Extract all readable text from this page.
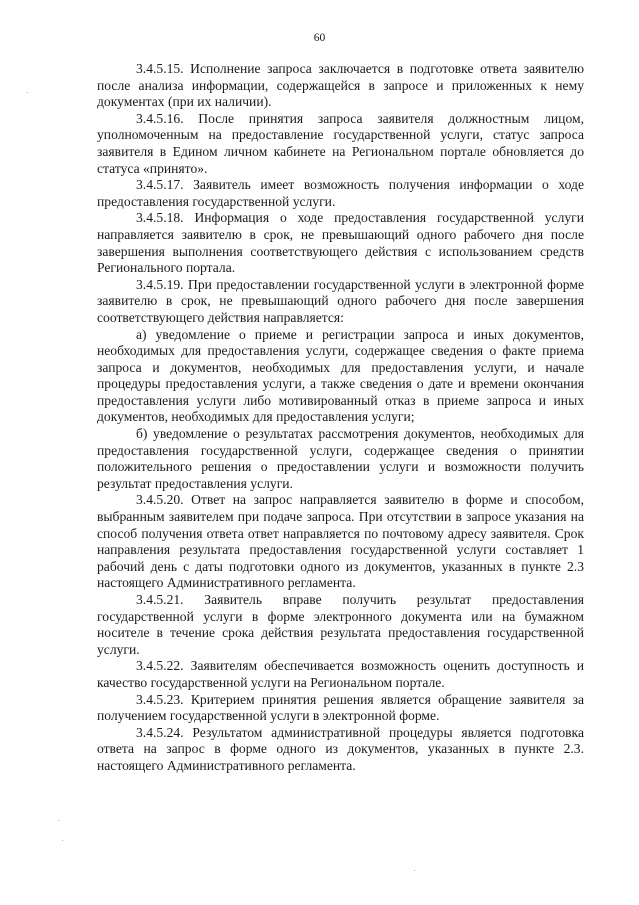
60

3.4.5.15. Исполнение запроса заключается в подготовке ответа заявителю после анализа информации, содержащейся в запросе и приложенных к нему документах (при их наличии).

3.4.5.16. После принятия запроса заявителя должностным лицом, уполномоченным на предоставление государственной услуги, статус запроса заявителя в Едином личном кабинете на Региональном портале обновляется до статуса «принято».

3.4.5.17. Заявитель имеет возможность получения информации о ходе предоставления государственной услуги.

3.4.5.18. Информация о ходе предоставления государственной услуги направляется заявителю в срок, не превышающий одного рабочего дня после завершения выполнения соответствующего действия с использованием средств Регионального портала.

3.4.5.19. При предоставлении государственной услуги в электронной форме заявителю в срок, не превышающий одного рабочего дня после завершения соответствующего действия направляется:

а) уведомление о приеме и регистрации запроса и иных документов, необходимых для предоставления услуги, содержащее сведения о факте приема запроса и документов, необходимых для предоставления услуги, и начале процедуры предоставления услуги, а также сведения о дате и времени окончания предоставления услуги либо мотивированный отказ в приеме запроса и иных документов, необходимых для предоставления услуги;

б) уведомление о результатах рассмотрения документов, необходимых для предоставления государственной услуги, содержащее сведения о принятии положительного решения о предоставлении услуги и возможности получить результат предоставления услуги.

3.4.5.20. Ответ на запрос направляется заявителю в форме и способом, выбранным заявителем при подаче запроса. При отсутствии в запросе указания на способ получения ответа ответ направляется по почтовому адресу заявителя. Срок направления результата предоставления государственной услуги составляет 1 рабочий день с даты подготовки одного из документов, указанных в пункте 2.3 настоящего Административного регламента.

3.4.5.21. Заявитель вправе получить результат предоставления государственной услуги в форме электронного документа или на бумажном носителе в течение срока действия результата предоставления государственной услуги.

3.4.5.22. Заявителям обеспечивается возможность оценить доступность и качество государственной услуги на Региональном портале.

3.4.5.23. Критерием принятия решения является обращение заявителя за получением государственной услуги в электронной форме.

3.4.5.24. Результатом административной процедуры является подготовка ответа на запрос в форме одного из документов, указанных в пункте 2.3. настоящего Административного регламента.
